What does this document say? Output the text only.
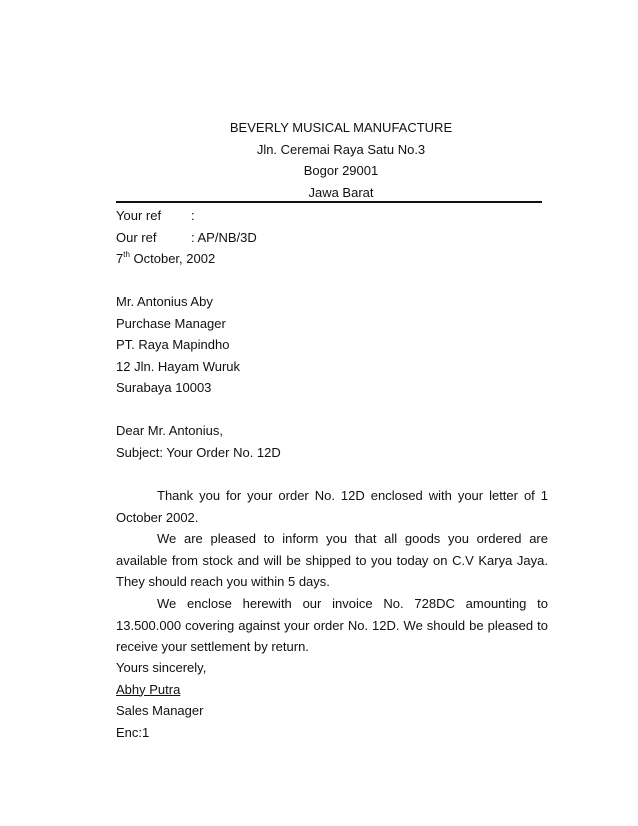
BEVERLY MUSICAL MANUFACTURE
Jln. Ceremai Raya Satu No.3
Bogor 29001
Jawa Barat
Your ref :
Our ref	: AP/NB/3D
7th October, 2002
Mr. Antonius Aby
Purchase Manager
PT. Raya Mapindho
12 Jln. Hayam Wuruk
Surabaya 10003
Dear Mr. Antonius,
Subject: Your Order No. 12D
Thank you for your order No. 12D enclosed with your letter of 1 October 2002.
We are pleased to inform you that all goods you ordered are available from stock and will be shipped to you today on C.V Karya Jaya. They should reach you within 5 days.
We enclose herewith our invoice No. 728DC amounting to 13.500.000 covering against your order No. 12D. We should be pleased to receive your settlement by return.
Yours sincerely,
Abhy Putra
Sales Manager
Enc:1
